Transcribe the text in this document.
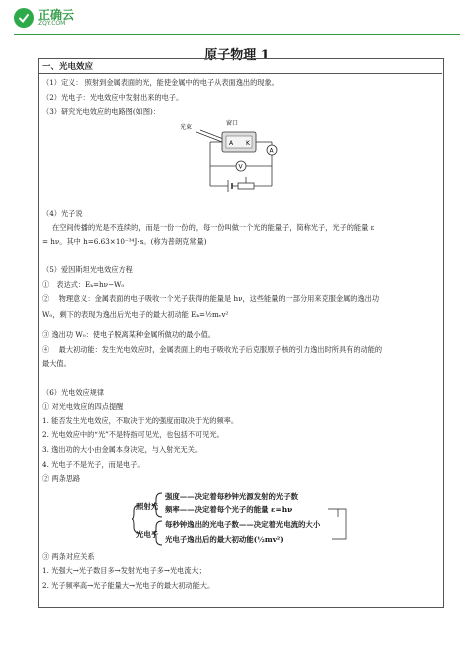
正确云
ZQY.COM
原子物理 1
一、光电效应
（1）定义： 照射到金属表面的光，能使金属中的电子从表面逸出的现象。
（2）光电子：光电效应中发射出来的电子。
（3）研究光电效应的电路图(如图)：
光束
窗口
A K
A
V
（4）光子说
在空间传播的光是不连续的，而是一份一份的，每一份叫做一个光的能量子，简称光子，光子的能量 ε
= hν。其中 h=6.63×10⁻³⁴J·s。(称为普朗克常量)
（5）爱因斯坦光电效应方程
①　表达式：Eₖ=hν−W₀
②　 物理意义：金属表面的电子吸收一个光子获得的能量是 hν，这些能量的一部分用来克服金属的逸出功
W₀，剩下的表现为逸出后光电子的最大初动能 Eₖ=½mᵥv²
③ 逸出功 W₀：使电子脱离某种金属所做功的最小值。
④　 最大初动能：发生光电效应时，金属表面上的电子吸收光子后克服原子核的引力逸出时所具有的动能的
最大值。
（6）光电效应规律
① 对光电效应的四点提醒
1. 能否发生光电效应，不取决于光的强度而取决于光的频率。
2. 光电效应中的“光”不是特指可见光，也包括不可见光。
3. 逸出功的大小由金属本身决定，与入射光无关。
4. 光电子不是光子，而是电子。
② 两条思路
照射光
光电子
强度——决定着每秒钟光源发射的光子数
频率——决定着每个光子的能量 ε=hν
每秒钟逸出的光电子数——决定着光电流的大小
光电子逸出后的最大初动能(½mv²)
③ 两条对应关系
1. 光强大→光子数目多→发射光电子多→光电流大；
2. 光子频率高→光子能量大→光电子的最大初动能大。
